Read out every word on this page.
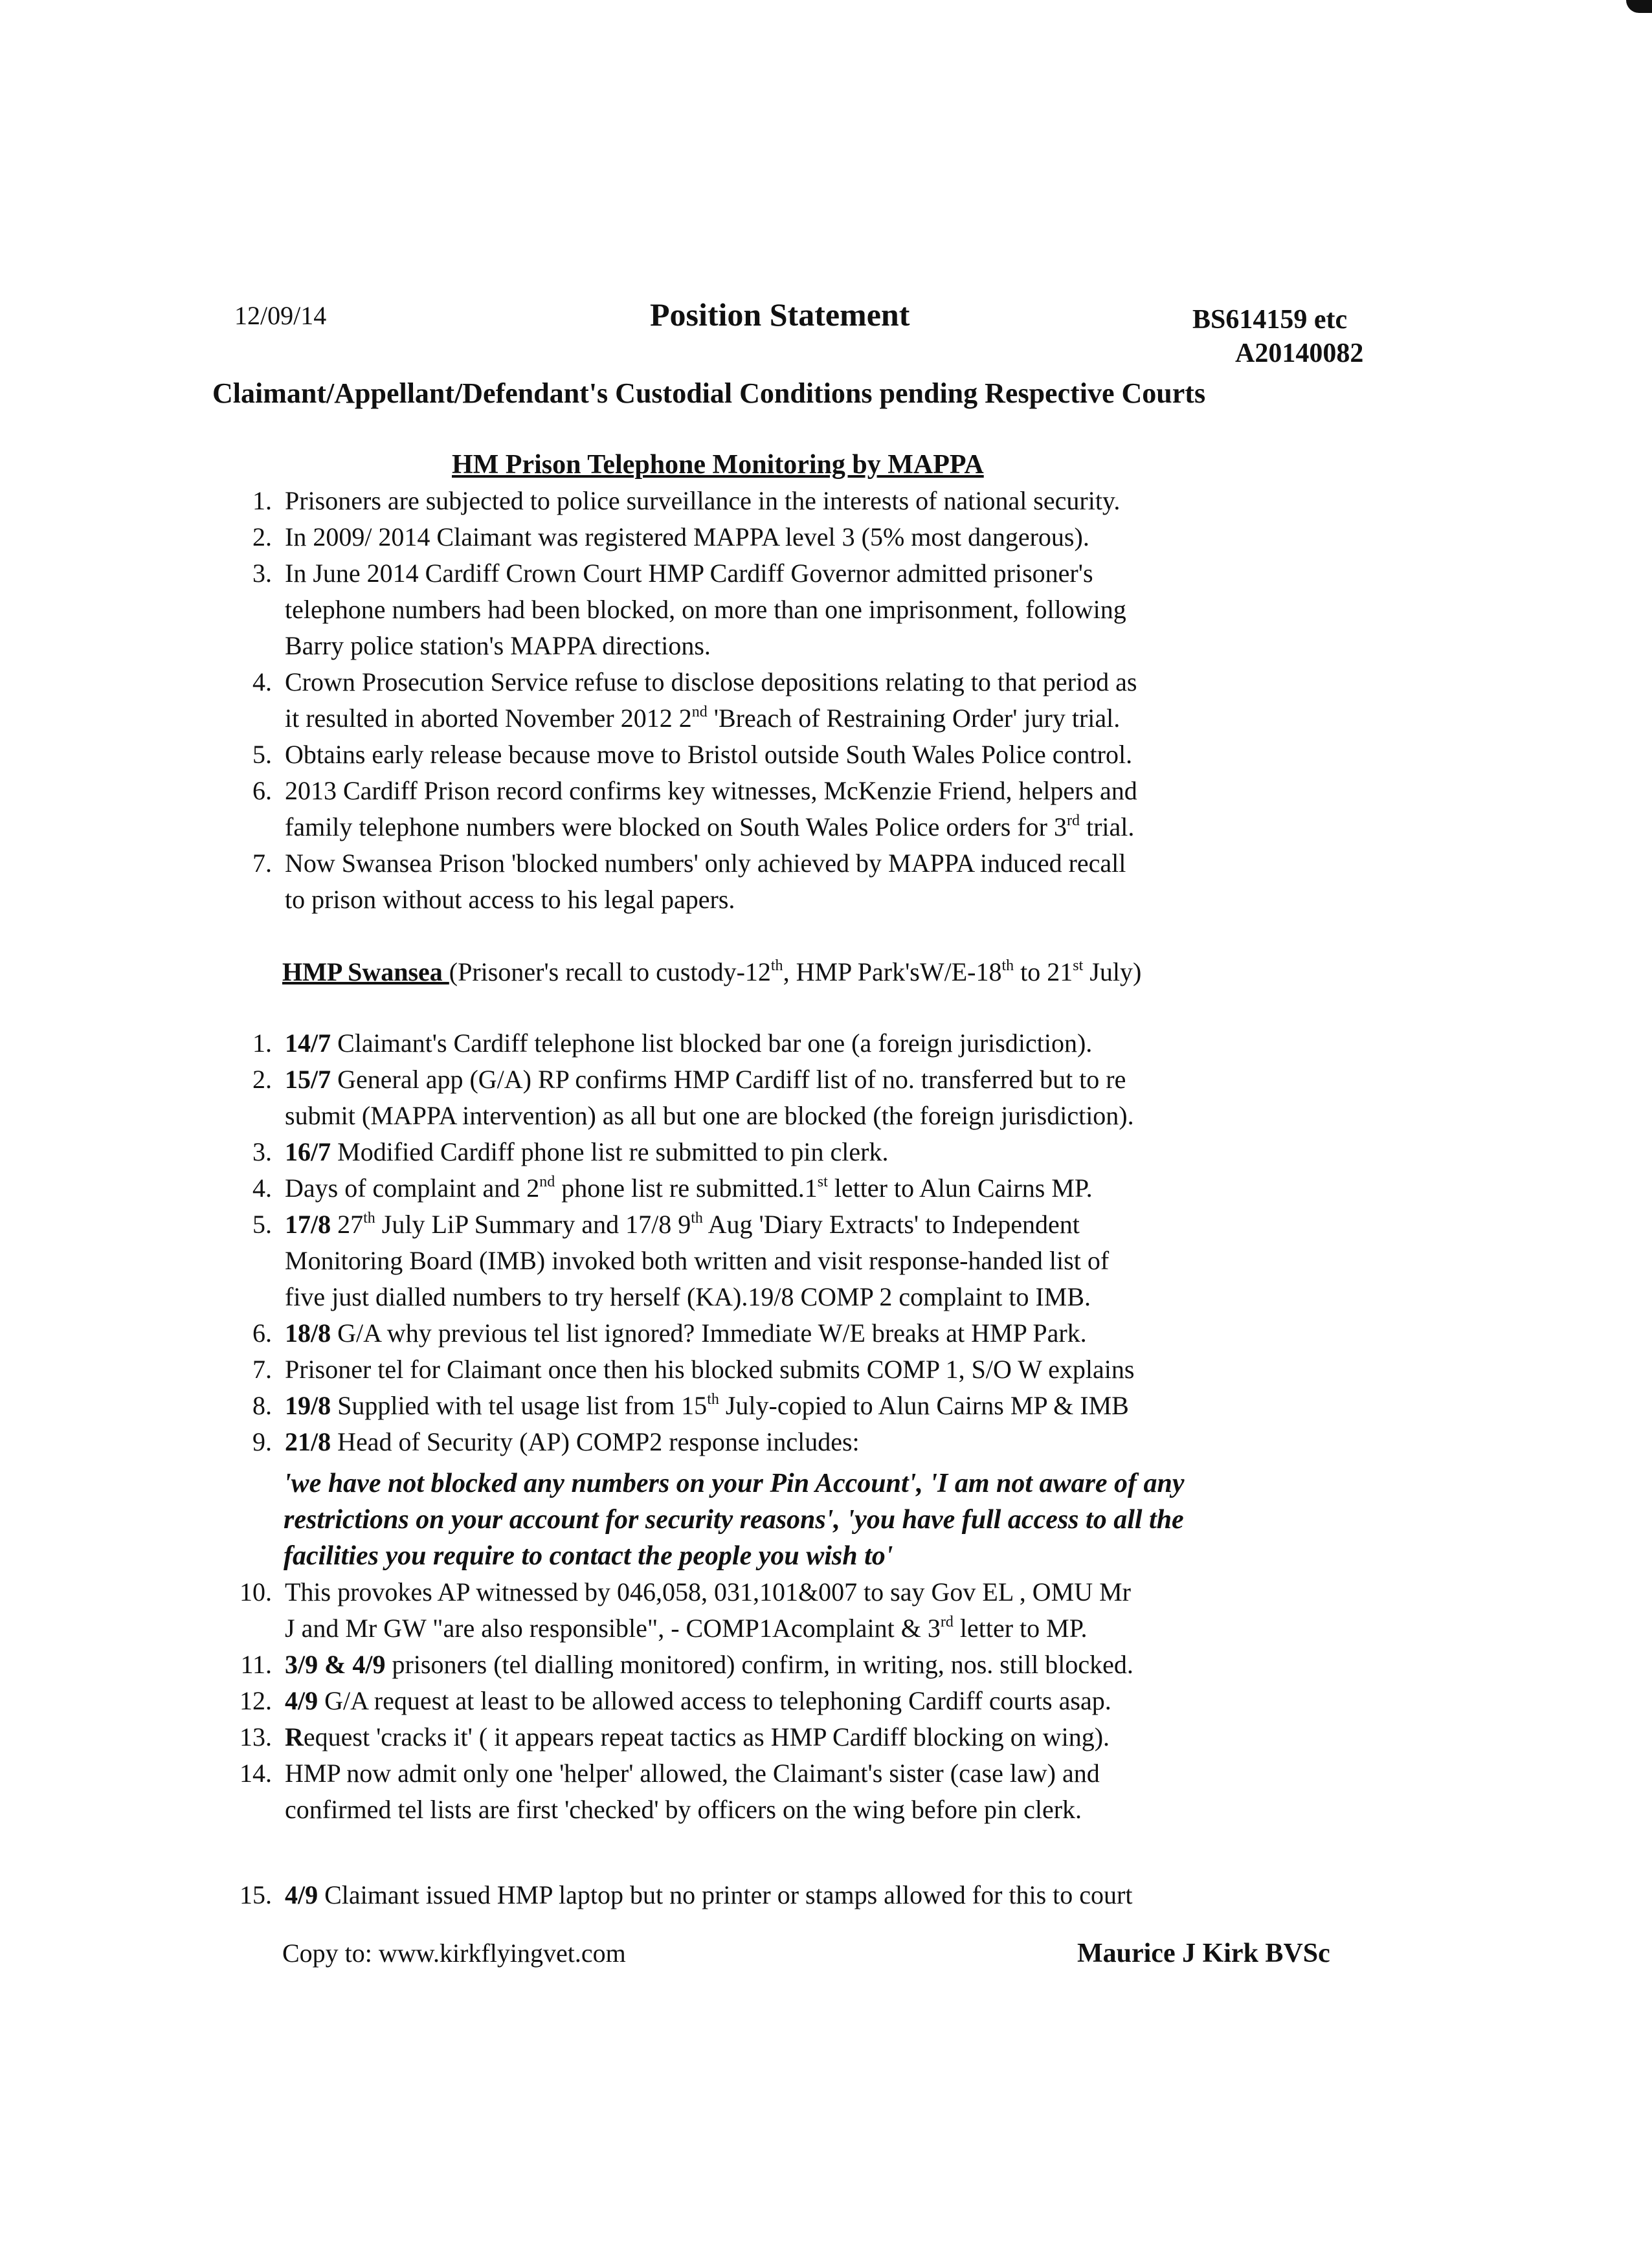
12/09/14	Position Statement	BS614159 etc
A20140082
Claimant/Appellant/Defendant's Custodial Conditions pending Respective Courts
HM Prison Telephone Monitoring by MAPPA
1. Prisoners are subjected to police surveillance in the interests of national security.
2. In 2009/ 2014 Claimant was registered MAPPA level 3 (5% most dangerous).
3. In June 2014 Cardiff Crown Court HMP Cardiff Governor admitted prisoner's
telephone numbers had been blocked, on more than one imprisonment, following
Barry police station's MAPPA directions.
4. Crown Prosecution Service refuse to disclose depositions relating to that period as
it resulted in aborted November 2012 2nd 'Breach of Restraining Order' jury trial.
5. Obtains early release because move to Bristol outside South Wales Police control.
6. 2013 Cardiff Prison record confirms key witnesses, McKenzie Friend, helpers and
family telephone numbers were blocked on South Wales Police orders for 3rd trial.
7. Now Swansea Prison 'blocked numbers' only achieved by MAPPA induced recall
to prison without access to his legal papers.
HMP Swansea (Prisoner's recall to custody-12th, HMP Park'sW/E-18th to 21st July)
1. 14/7 Claimant's Cardiff telephone list blocked bar one (a foreign jurisdiction).
2. 15/7 General app (G/A) RP confirms HMP Cardiff list of no. transferred but to re
submit (MAPPA intervention) as all but one are blocked (the foreign jurisdiction).
3. 16/7 Modified Cardiff phone list re submitted to pin clerk.
4. Days of complaint and 2nd phone list re submitted.1st letter to Alun Cairns MP.
5. 17/8 27th July LiP Summary and 17/8 9th Aug 'Diary Extracts' to Independent
Monitoring Board (IMB) invoked both written and visit response-handed list of
five just dialled numbers to try herself (KA).19/8 COMP 2 complaint to IMB.
6. 18/8 G/A why previous tel list ignored? Immediate W/E breaks at HMP Park.
7. Prisoner tel for Claimant once then his blocked submits COMP 1, S/O W explains
8. 19/8 Supplied with tel usage list from 15th July-copied to Alun Cairns MP & IMB
9. 21/8 Head of Security (AP) COMP2 response includes:
'we have not blocked any numbers on your Pin Account', 'I am not aware of any
restrictions on your account for security reasons', 'you have full access to all the
facilities you require to contact the people you wish to'
10. This provokes AP witnessed by 046,058, 031,101&007 to say Gov EL , OMU Mr
J and Mr GW "are also responsible", - COMP1Acomplaint & 3rd letter to MP.
11. 3/9 & 4/9 prisoners (tel dialling monitored) confirm, in writing, nos. still blocked.
12. 4/9 G/A request at least to be allowed access to telephoning Cardiff courts asap.
13. Request 'cracks it' ( it appears repeat tactics as HMP Cardiff blocking on wing).
14. HMP now admit only one 'helper' allowed, the Claimant's sister (case law) and
confirmed tel lists are first 'checked' by officers on the wing before pin clerk.
15. 4/9 Claimant issued HMP laptop but no printer or stamps allowed for this to court
Copy to: www.kirkflyingvet.com	Maurice J Kirk BVSc
